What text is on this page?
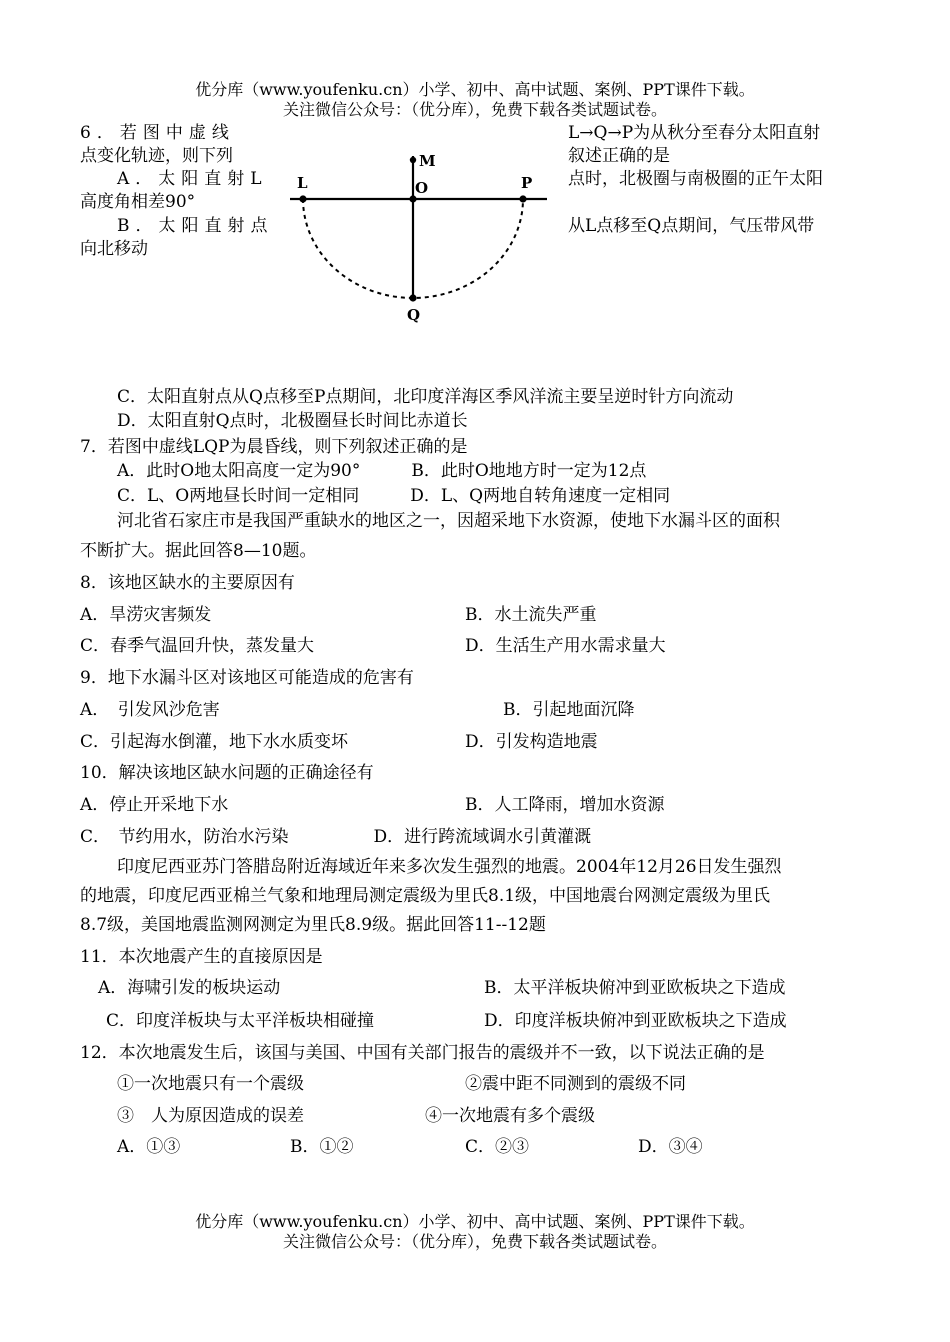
优分库（www.youfenku.cn）小学、初中、高中试题、案例、PPT课件下载。
关注微信公众号：（优分库），免费下载各类试题试卷。
6．若图中虚线	L→Q→P为从秋分至春分太阳直射
点变化轨迹，则下列	叙述正确的是
A．太阳直射L	点时，北极圈与南极圈的正午太阳
高度角相差90°
B．太阳直射点	从L点移至Q点期间，气压带风带
向北移动
M
L	O	P
Q
C．太阳直射点从Q点移至P点期间，北印度洋海区季风洋流主要呈逆时针方向流动
D．太阳直射Q点时，北极圈昼长时间比赤道长
7．若图中虚线LQP为晨昏线，则下列叙述正确的是
A．此时O地太阳高度一定为90°　　　B．此时O地地方时一定为12点
C．L、O两地昼长时间一定相同　　　D．L、Q两地自转角速度一定相同
河北省石家庄市是我国严重缺水的地区之一，因超采地下水资源，使地下水漏斗区的面积
不断扩大。据此回答8—10题。
8．该地区缺水的主要原因有
A．旱涝灾害频发	B．水土流失严重
C．春季气温回升快，蒸发量大	D．生活生产用水需求量大
9．地下水漏斗区对该地区可能造成的危害有
A．　引发风沙危害	B．引起地面沉降
C．引起海水倒灌，地下水水质变坏	D．引发构造地震
10．解决该地区缺水问题的正确途径有
A．停止开采地下水	B．人工降雨，增加水资源
C．　节约用水，防治水污染　　　　　D．进行跨流域调水引黄灌溉
印度尼西亚苏门答腊岛附近海域近年来多次发生强烈的地震。2004年12月26日发生强烈
的地震，印度尼西亚棉兰气象和地理局测定震级为里氏8.1级，中国地震台网测定震级为里氏
8.7级，美国地震监测网测定为里氏8.9级。据此回答11--12题
11．本次地震产生的直接原因是
A．海啸引发的板块运动	B．太平洋板块俯冲到亚欧板块之下造成
C．印度洋板块与太平洋板块相碰撞	D．印度洋板块俯冲到亚欧板块之下造成
12．本次地震发生后，该国与美国、中国有关部门报告的震级并不一致，以下说法正确的是
①一次地震只有一个震级	②震中距不同测到的震级不同
③　人为原因造成的误差	④一次地震有多个震级
A．①③	B．①②	C．②③	D．③④
优分库（www.youfenku.cn）小学、初中、高中试题、案例、PPT课件下载。
关注微信公众号：（优分库），免费下载各类试题试卷。
